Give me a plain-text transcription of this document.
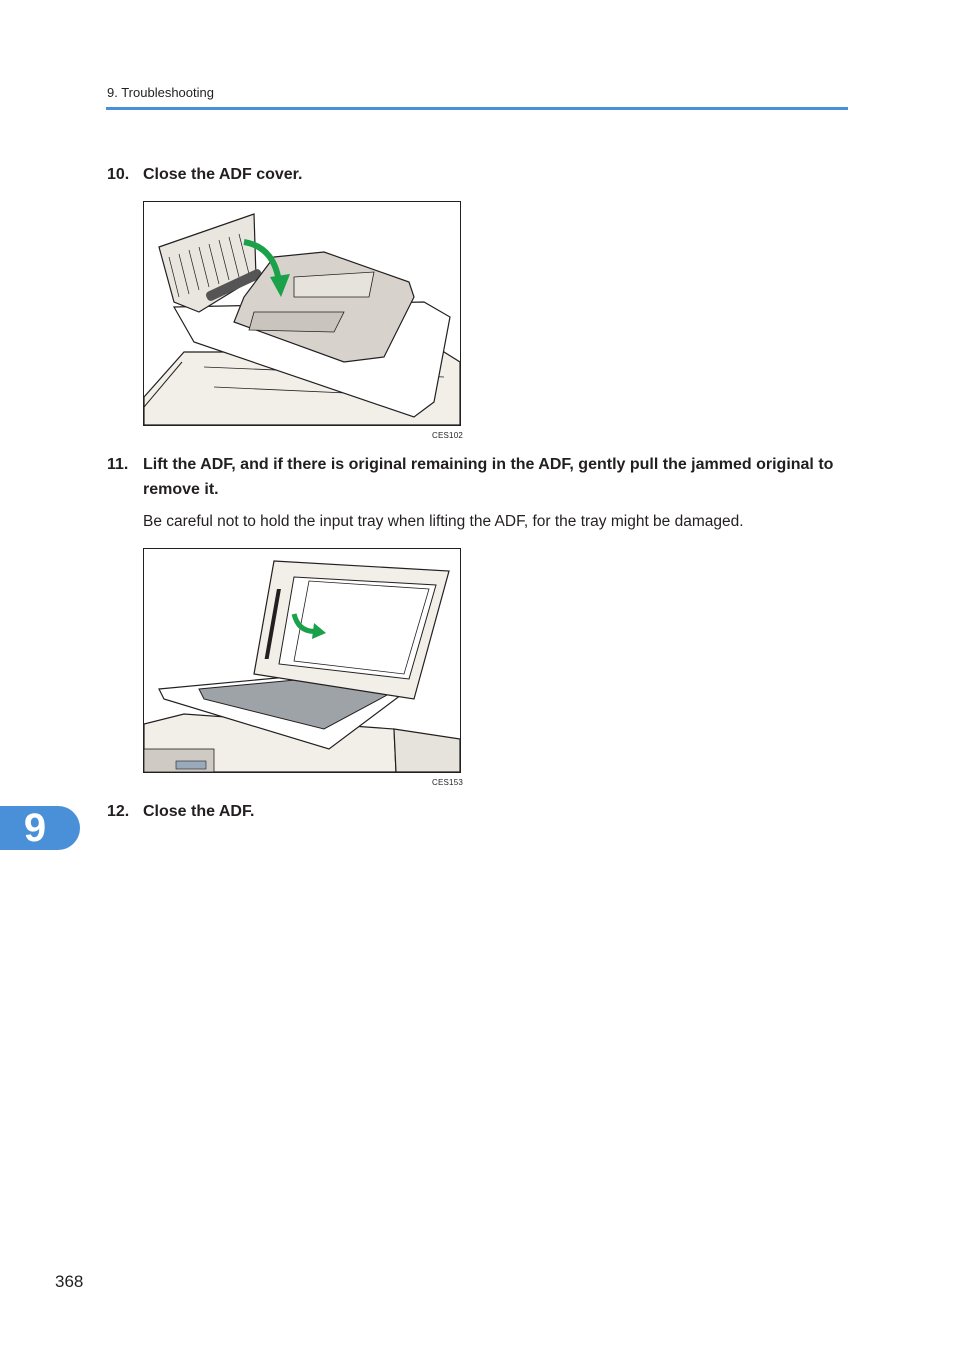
9. Troubleshooting
10. Close the ADF cover.
CES102
11. Lift the ADF, and if there is original remaining in the ADF, gently pull the jammed original to remove it.
Be careful not to hold the input tray when lifting the ADF, for the tray might be damaged.
CES153
12. Close the ADF.
9
368
